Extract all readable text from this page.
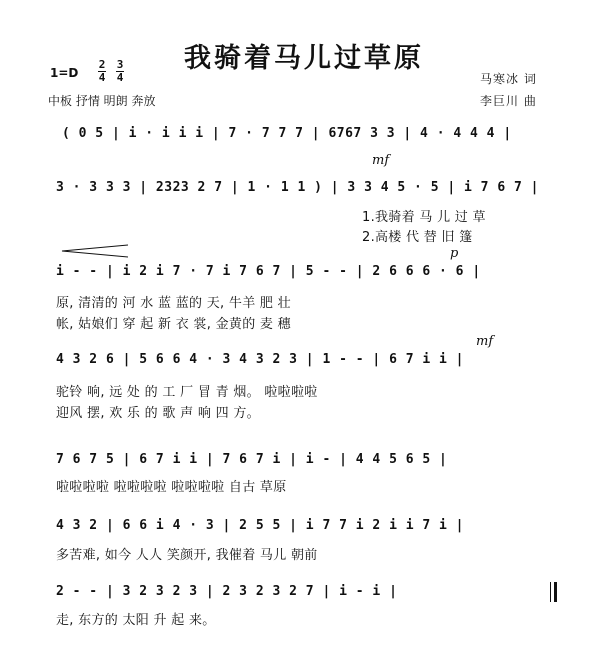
我骑着马儿过草原
1=D
2
4
3
4
中板 抒情 明朗 奔放
马寒冰 词
李巨川 曲
( 0 5 | i · i i i | 7 · 7 7 7 | 6767 3 3 | 4 · 4 4 4 |
mf
3 · 3 3 3 | 2323 2 7 | 1 · 1 1 ) | 3 3 4 5 · 5 | i 7 6 7 |
1.我骑着 马 儿 过 草
2.高楼 代 替 旧 篷
p
i - - | i 2 i 7 · 7 i 7 6 7 | 5 - - | 2 6 6 6 · 6 |
原, 清清的 河 水 蓝 蓝的 天, 牛羊 肥 壮
帐, 姑娘们 穿 起 新 衣 裳, 金黄的 麦 穗
mf
4 3 2 6 | 5 6 6 4 · 3 4 3 2 3 | 1 - - | 6 7 i i |
驼铃 响, 远 处 的 工 厂 冒 青 烟。 啦啦啦啦
迎风 摆, 欢 乐 的 歌 声 响 四 方。
7 6 7 5 | 6 7 i i | 7 6 7 i | i - | 4 4 5 6 5 |
啦啦啦啦 啦啦啦啦 啦啦啦啦 自古 草原
4 3 2 | 6 6 i 4 · 3 | 2 5 5 | i 7 7 i 2 i i 7 i |
多苦难, 如今 人人 笑颜开, 我催着 马儿 朝前
2 - - | 3 2 3 2 3 | 2 3 2 3 2 7 | i - i |
走, 东方的 太阳 升 起 来。
